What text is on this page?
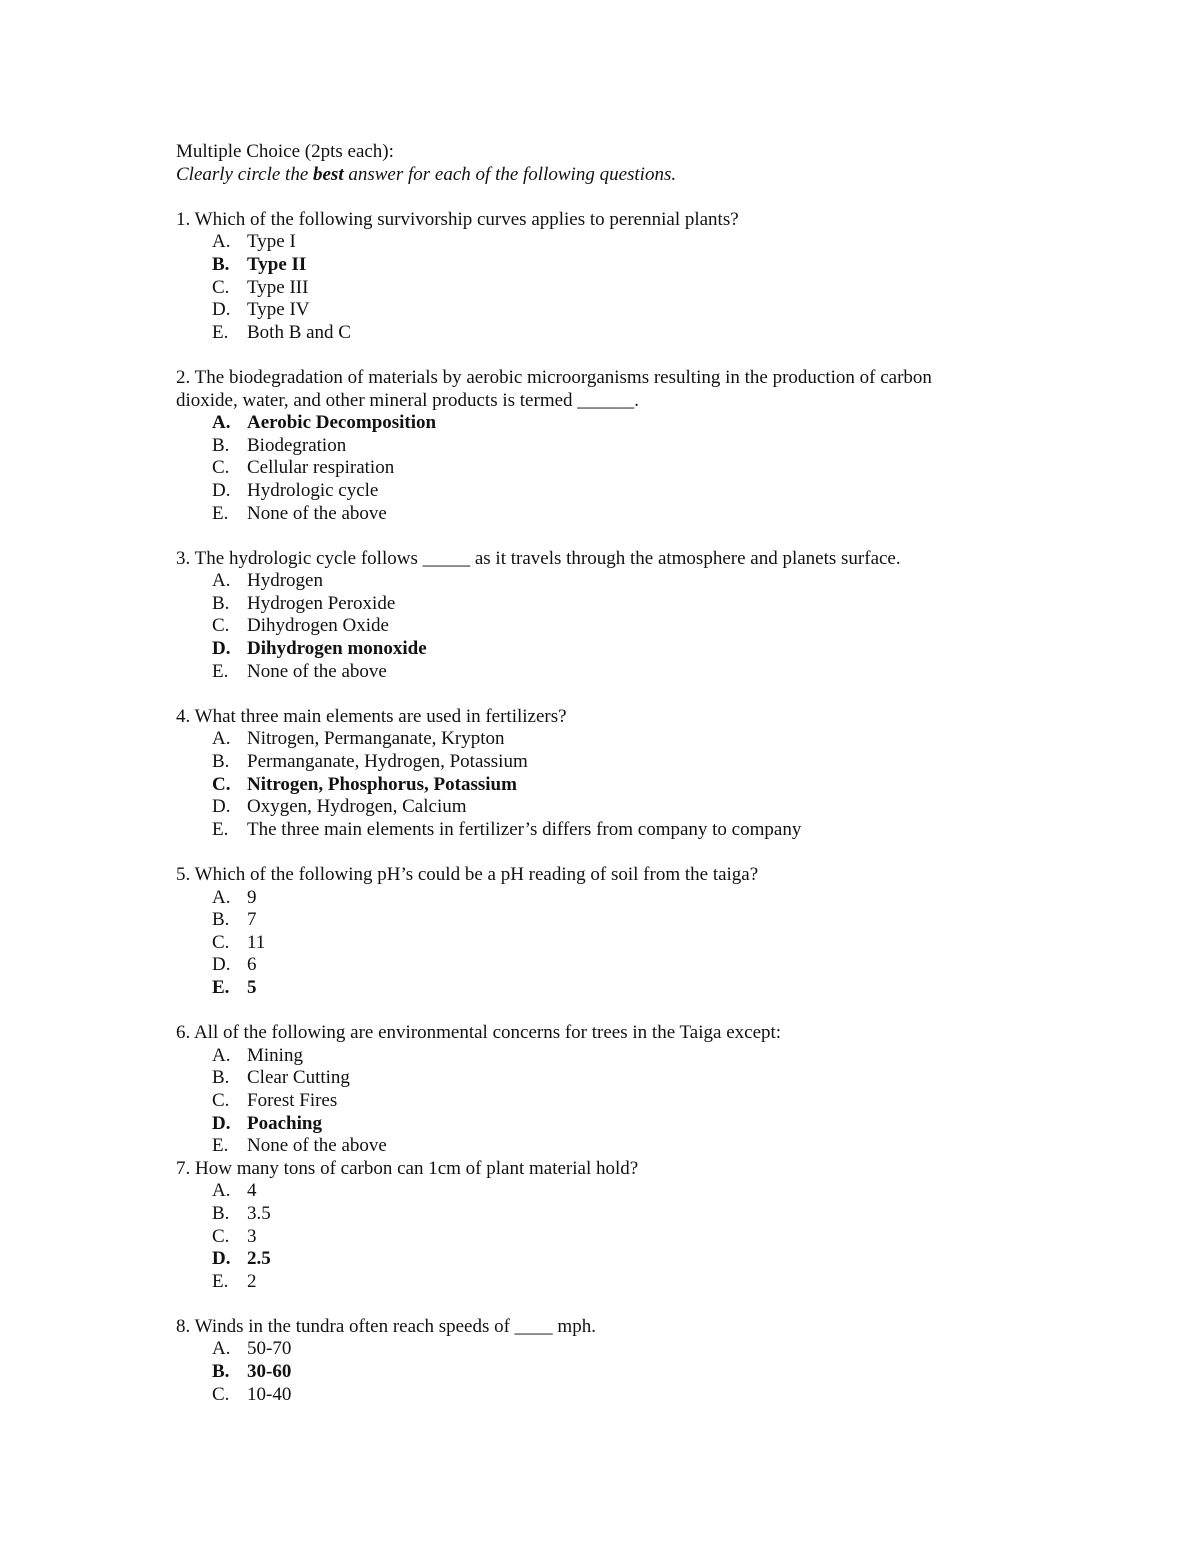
Multiple Choice (2pts each):
Clearly circle the best answer for each of the following questions.
1. Which of the following survivorship curves applies to perennial plants?
A. Type I
B. Type II
C. Type III
D. Type IV
E. Both B and C
2. The biodegradation of materials by aerobic microorganisms resulting in the production of carbon
dioxide, water, and other mineral products is termed ______.
A. Aerobic Decomposition
B. Biodegration
C. Cellular respiration
D. Hydrologic cycle
E. None of the above
3. The hydrologic cycle follows _____ as it travels through the atmosphere and planets surface.
A. Hydrogen
B. Hydrogen Peroxide
C. Dihydrogen Oxide
D. Dihydrogen monoxide
E. None of the above
4. What three main elements are used in fertilizers?
A. Nitrogen, Permanganate, Krypton
B. Permanganate, Hydrogen, Potassium
C. Nitrogen, Phosphorus, Potassium
D. Oxygen, Hydrogen, Calcium
E. The three main elements in fertilizer’s differs from company to company
5. Which of the following pH’s could be a pH reading of soil from the taiga?
A. 9
B. 7
C. 11
D. 6
E. 5
6. All of the following are environmental concerns for trees in the Taiga except:
A. Mining
B. Clear Cutting
C. Forest Fires
D. Poaching
E. None of the above
7. How many tons of carbon can 1cm of plant material hold?
A. 4
B. 3.5
C. 3
D. 2.5
E. 2
8. Winds in the tundra often reach speeds of ____ mph.
A. 50-70
B. 30-60
C. 10-40
